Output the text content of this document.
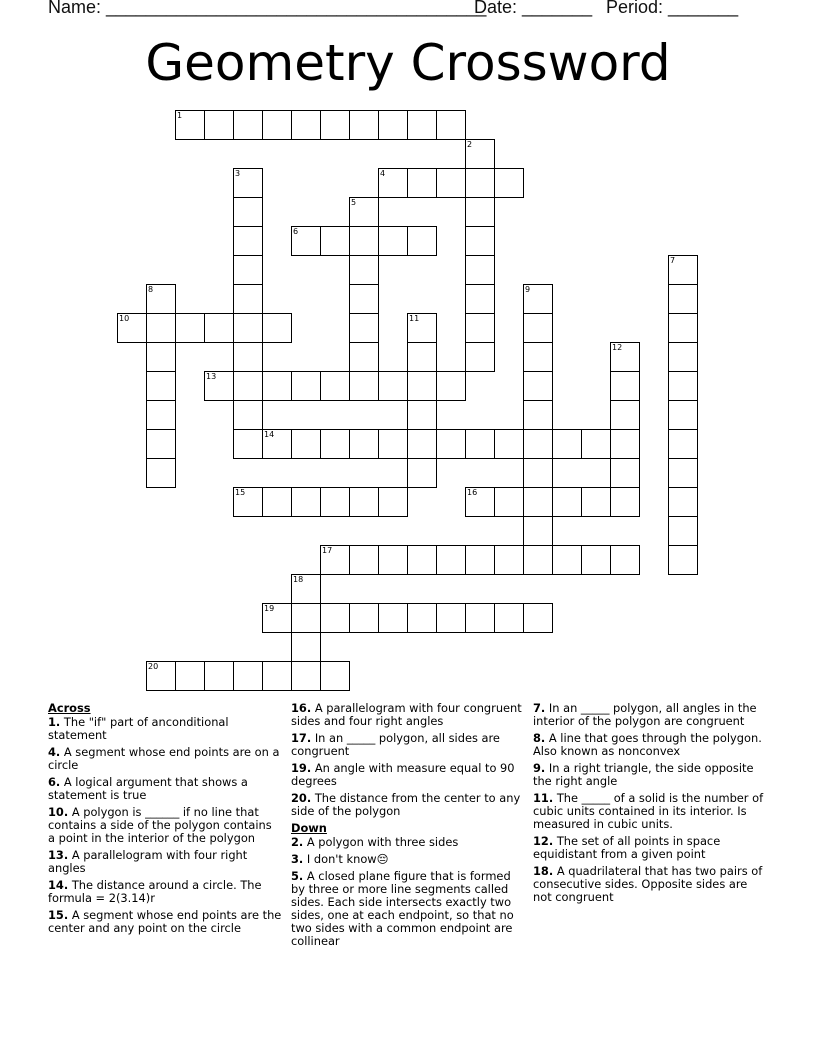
Name: ______________________________________
Date: _______ Period: _______
Geometry Crossword
1
2
3	4
5
6
7
8	9
10	11
12
13
14
15	16
17
18
19
20
Across
1. The "if" part of anconditional statement
4. A segment whose end points are on a circle
6. A logical argument that shows a statement is true
10. A polygon is ______ if no line that contains a side of the polygon contains a point in the interior of the polygon
13. A parallelogram with four right angles
14. The distance around a circle. The formula = 2(3.14)r
15. A segment whose end points are the center and any point on the circle
16. A parallelogram with four congruent sides and four right angles
17. In an _____ polygon, all sides are congruent
19. An angle with measure equal to 90 degrees
20. The distance from the center to any side of the polygon
Down
2. A polygon with three sides
3. I don't know😔
5. A closed plane figure that is formed by three or more line segments called sides. Each side intersects exactly two sides, one at each endpoint, so that no two sides with a common endpoint are collinear
7. In an _____ polygon, all angles in the interior of the polygon are congruent
8. A line that goes through the polygon. Also known as nonconvex
9. In a right triangle, the side opposite the right angle
11. The _____ of a solid is the number of cubic units contained in its interior. Is measured in cubic units.
12. The set of all points in space equidistant from a given point
18. A quadrilateral that has two pairs of consecutive sides. Opposite sides are not congruent
